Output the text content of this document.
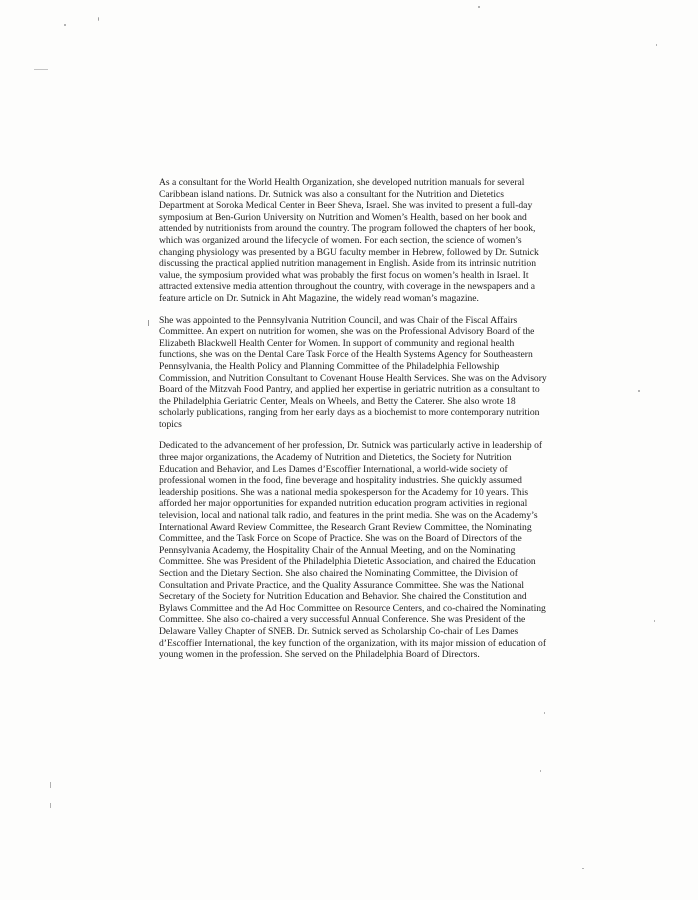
As a consultant for the World Health Organization, she developed nutrition manuals for several Caribbean island nations. Dr. Sutnick was also a consultant for the Nutrition and Dietetics Department at Soroka Medical Center in Beer Sheva, Israel. She was invited to present a full-day symposium at Ben-Gurion University on Nutrition and Women’s Health, based on her book and attended by nutritionists from around the country. The program followed the chapters of her book, which was organized around the lifecycle of women. For each section, the science of women’s changing physiology was presented by a BGU faculty member in Hebrew, followed by Dr. Sutnick discussing the practical applied nutrition management in English. Aside from its intrinsic nutrition value, the symposium provided what was probably the first focus on women’s health in Israel. It attracted extensive media attention throughout the country, with coverage in the newspapers and a feature article on Dr. Sutnick in Aht Magazine, the widely read woman’s magazine.

She was appointed to the Pennsylvania Nutrition Council, and was Chair of the Fiscal Affairs Committee. An expert on nutrition for women, she was on the Professional Advisory Board of the Elizabeth Blackwell Health Center for Women. In support of community and regional health functions, she was on the Dental Care Task Force of the Health Systems Agency for Southeastern Pennsylvania, the Health Policy and Planning Committee of the Philadelphia Fellowship Commission, and Nutrition Consultant to Covenant House Health Services. She was on the Advisory Board of the Mitzvah Food Pantry, and applied her expertise in geriatric nutrition as a consultant to the Philadelphia Geriatric Center, Meals on Wheels, and Betty the Caterer. She also wrote 18 scholarly publications, ranging from her early days as a biochemist to more contemporary nutrition topics

Dedicated to the advancement of her profession, Dr. Sutnick was particularly active in leadership of three major organizations, the Academy of Nutrition and Dietetics, the Society for Nutrition Education and Behavior, and Les Dames d’Escoffier International, a world-wide society of professional women in the food, fine beverage and hospitality industries. She quickly assumed leadership positions. She was a national media spokesperson for the Academy for 10 years. This afforded her major opportunities for expanded nutrition education program activities in regional television, local and national talk radio, and features in the print media. She was on the Academy’s International Award Review Committee, the Research Grant Review Committee, the Nominating Committee, and the Task Force on Scope of Practice. She was on the Board of Directors of the Pennsylvania Academy, the Hospitality Chair of the Annual Meeting, and on the Nominating Committee. She was President of the Philadelphia Dietetic Association, and chaired the Education Section and the Dietary Section. She also chaired the Nominating Committee, the Division of Consultation and Private Practice, and the Quality Assurance Committee. She was the National Secretary of the Society for Nutrition Education and Behavior. She chaired the Constitution and Bylaws Committee and the Ad Hoc Committee on Resource Centers, and co-chaired the Nominating Committee. She also co-chaired a very successful Annual Conference. She was President of the Delaware Valley Chapter of SNEB. Dr. Sutnick served as Scholarship Co-chair of Les Dames d’Escoffier International, the key function of the organization, with its major mission of education of young women in the profession. She served on the Philadelphia Board of Directors.
